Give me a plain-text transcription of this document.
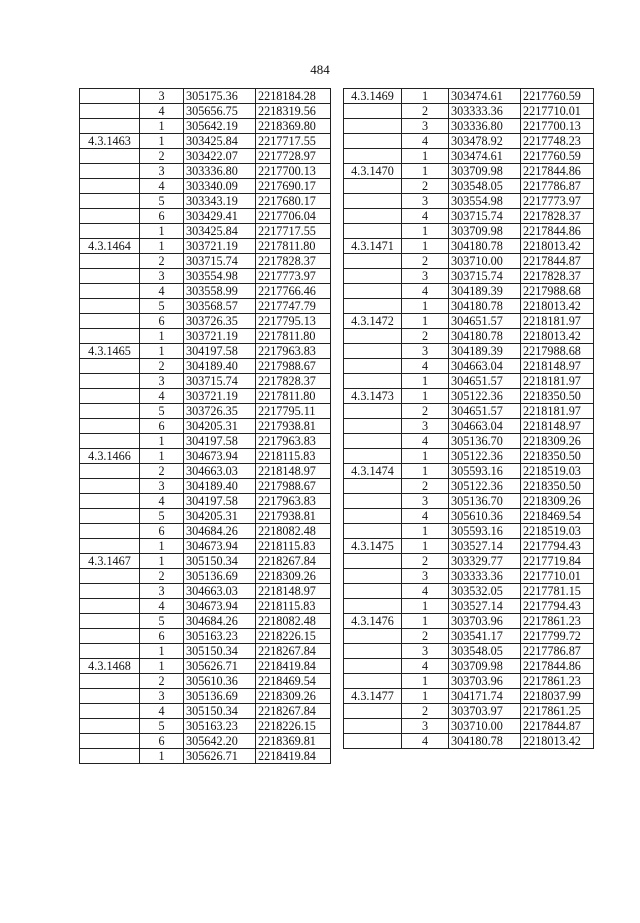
484
	3	305175.36	2218184.28
	4	305656.75	2218319.56
	1	305642.19	2218369.80
4.3.1463	1	303425.84	2217717.55
	2	303422.07	2217728.97
	3	303336.80	2217700.13
	4	303340.09	2217690.17
	5	303343.19	2217680.17
	6	303429.41	2217706.04
	1	303425.84	2217717.55
4.3.1464	1	303721.19	2217811.80
	2	303715.74	2217828.37
	3	303554.98	2217773.97
	4	303558.99	2217766.46
	5	303568.57	2217747.79
	6	303726.35	2217795.13
	1	303721.19	2217811.80
4.3.1465	1	304197.58	2217963.83
	2	304189.40	2217988.67
	3	303715.74	2217828.37
	4	303721.19	2217811.80
	5	303726.35	2217795.11
	6	304205.31	2217938.81
	1	304197.58	2217963.83
4.3.1466	1	304673.94	2218115.83
	2	304663.03	2218148.97
	3	304189.40	2217988.67
	4	304197.58	2217963.83
	5	304205.31	2217938.81
	6	304684.26	2218082.48
	1	304673.94	2218115.83
4.3.1467	1	305150.34	2218267.84
	2	305136.69	2218309.26
	3	304663.03	2218148.97
	4	304673.94	2218115.83
	5	304684.26	2218082.48
	6	305163.23	2218226.15
	1	305150.34	2218267.84
4.3.1468	1	305626.71	2218419.84
	2	305610.36	2218469.54
	3	305136.69	2218309.26
	4	305150.34	2218267.84
	5	305163.23	2218226.15
	6	305642.20	2218369.81
	1	305626.71	2218419.84
4.3.1469	1	303474.61	2217760.59
	2	303333.36	2217710.01
	3	303336.80	2217700.13
	4	303478.92	2217748.23
	1	303474.61	2217760.59
4.3.1470	1	303709.98	2217844.86
	2	303548.05	2217786.87
	3	303554.98	2217773.97
	4	303715.74	2217828.37
	1	303709.98	2217844.86
4.3.1471	1	304180.78	2218013.42
	2	303710.00	2217844.87
	3	303715.74	2217828.37
	4	304189.39	2217988.68
	1	304180.78	2218013.42
4.3.1472	1	304651.57	2218181.97
	2	304180.78	2218013.42
	3	304189.39	2217988.68
	4	304663.04	2218148.97
	1	304651.57	2218181.97
4.3.1473	1	305122.36	2218350.50
	2	304651.57	2218181.97
	3	304663.04	2218148.97
	4	305136.70	2218309.26
	1	305122.36	2218350.50
4.3.1474	1	305593.16	2218519.03
	2	305122.36	2218350.50
	3	305136.70	2218309.26
	4	305610.36	2218469.54
	1	305593.16	2218519.03
4.3.1475	1	303527.14	2217794.43
	2	303329.77	2217719.84
	3	303333.36	2217710.01
	4	303532.05	2217781.15
	1	303527.14	2217794.43
4.3.1476	1	303703.96	2217861.23
	2	303541.17	2217799.72
	3	303548.05	2217786.87
	4	303709.98	2217844.86
	1	303703.96	2217861.23
4.3.1477	1	304171.74	2218037.99
	2	303703.97	2217861.25
	3	303710.00	2217844.87
	4	304180.78	2218013.42
